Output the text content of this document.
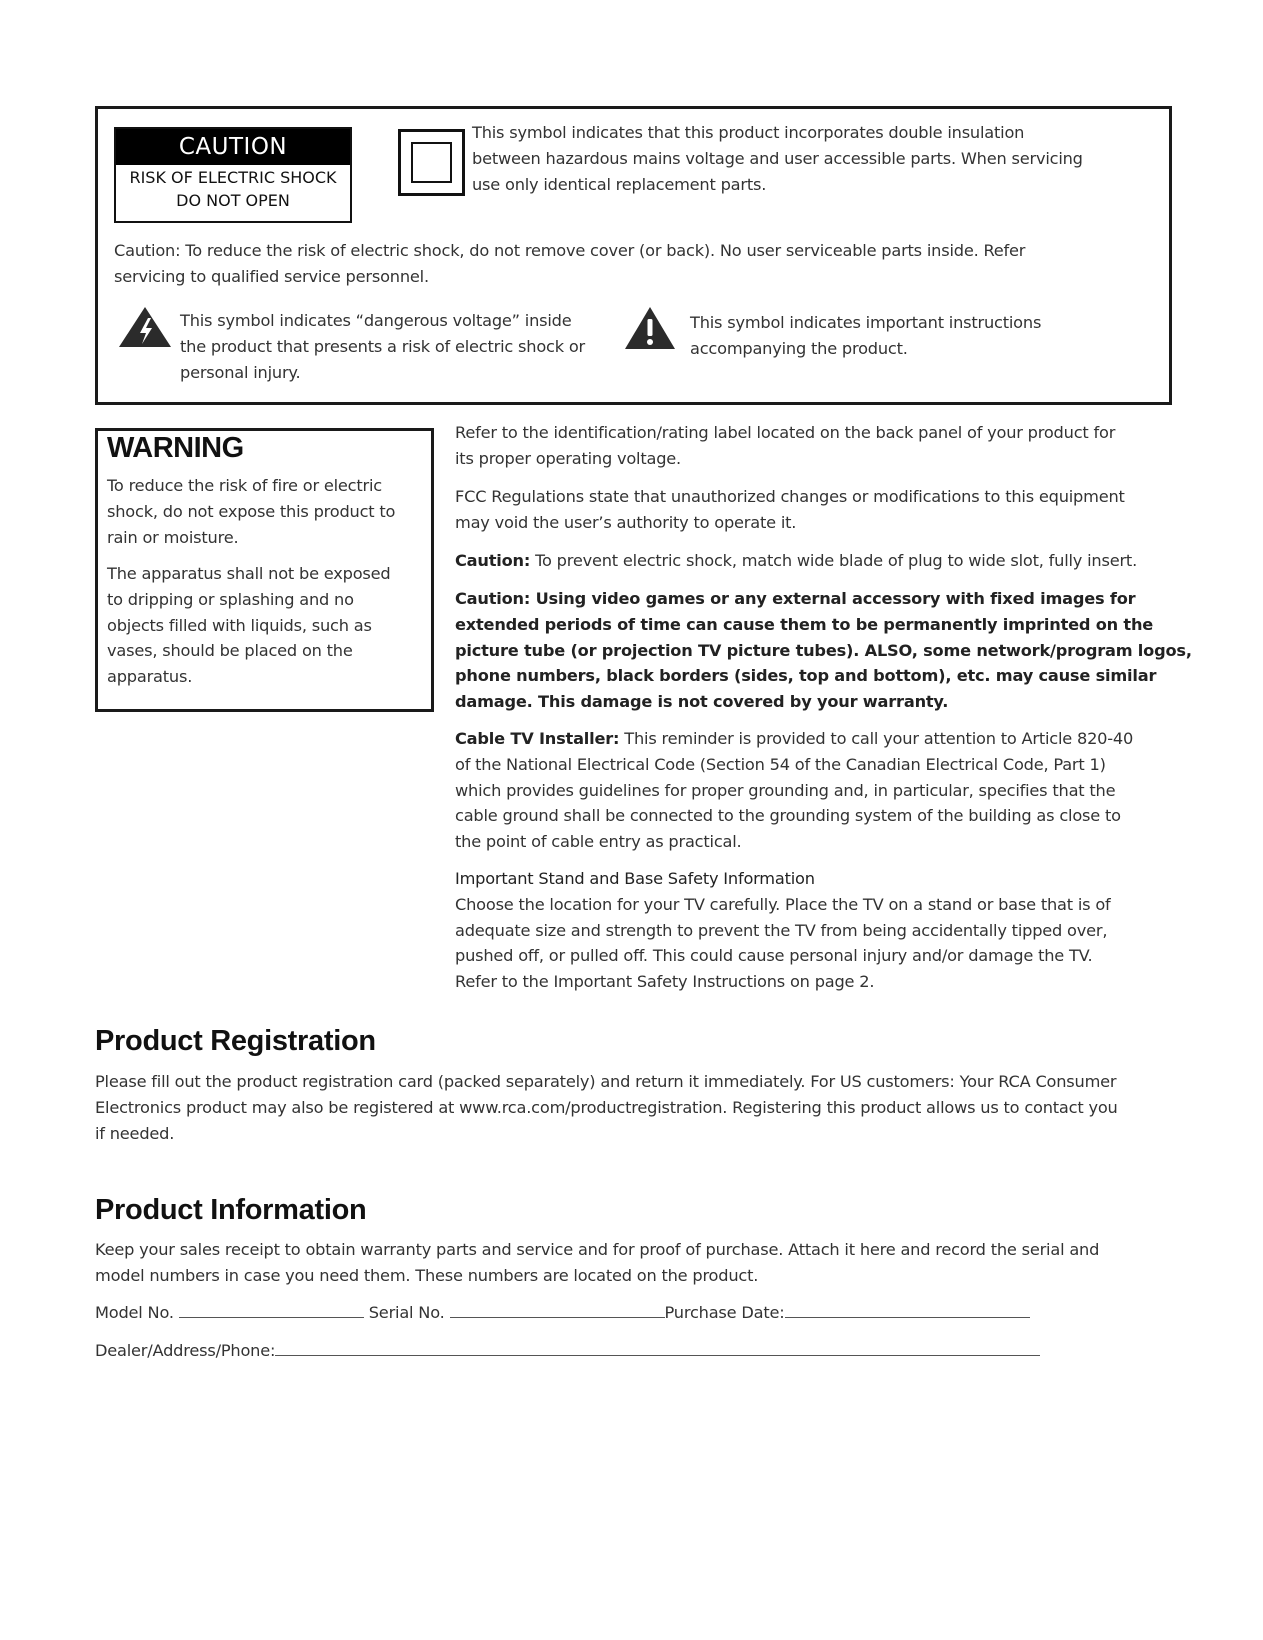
CAUTION
RISK OF ELECTRIC SHOCK
DO NOT OPEN
This symbol indicates that this product incorporates double insulation
between hazardous mains voltage and user accessible parts. When servicing
use only identical replacement parts.
Caution: To reduce the risk of electric shock, do not remove cover (or back). No user serviceable parts inside. Refer
servicing to qualified service personnel.
This symbol indicates “dangerous voltage” inside
the product that presents a risk of electric shock or
personal injury.
This symbol indicates important instructions
accompanying the product.
WARNING
To reduce the risk of fire or electric
shock, do not expose this product to
rain or moisture.
The apparatus shall not be exposed
to dripping or splashing and no
objects filled with liquids, such as
vases, should be placed on the
apparatus.
Refer to the identification/rating label located on the back panel of your product for
its proper operating voltage.
FCC Regulations state that unauthorized changes or modifications to this equipment
may void the user’s authority to operate it.
Caution: To prevent electric shock, match wide blade of plug to wide slot, fully insert.
Caution: Using video games or any external accessory with fixed images for
extended periods of time can cause them to be permanently imprinted on the
picture tube (or projection TV picture tubes). ALSO, some network/program logos,
phone numbers, black borders (sides, top and bottom), etc. may cause similar
damage. This damage is not covered by your warranty.
Cable TV Installer: This reminder is provided to call your attention to Article 820-40
of the National Electrical Code (Section 54 of the Canadian Electrical Code, Part 1)
which provides guidelines for proper grounding and, in particular, specifies that the
cable ground shall be connected to the grounding system of the building as close to
the point of cable entry as practical.
Important Stand and Base Safety Information
Choose the location for your TV carefully. Place the TV on a stand or base that is of
adequate size and strength to prevent the TV from being accidentally tipped over,
pushed off, or pulled off. This could cause personal injury and/or damage the TV.
Refer to the Important Safety Instructions on page 2.
Product Registration
Please fill out the product registration card (packed separately) and return it immediately. For US customers: Your RCA Consumer
Electronics product may also be registered at www.rca.com/productregistration. Registering this product allows us to contact you
if needed.
Product Information
Keep your sales receipt to obtain warranty parts and service and for proof of purchase. Attach it here and record the serial and
model numbers in case you need them. These numbers are located on the product.
Model No.	Serial No.	Purchase Date:
Dealer/Address/Phone:
